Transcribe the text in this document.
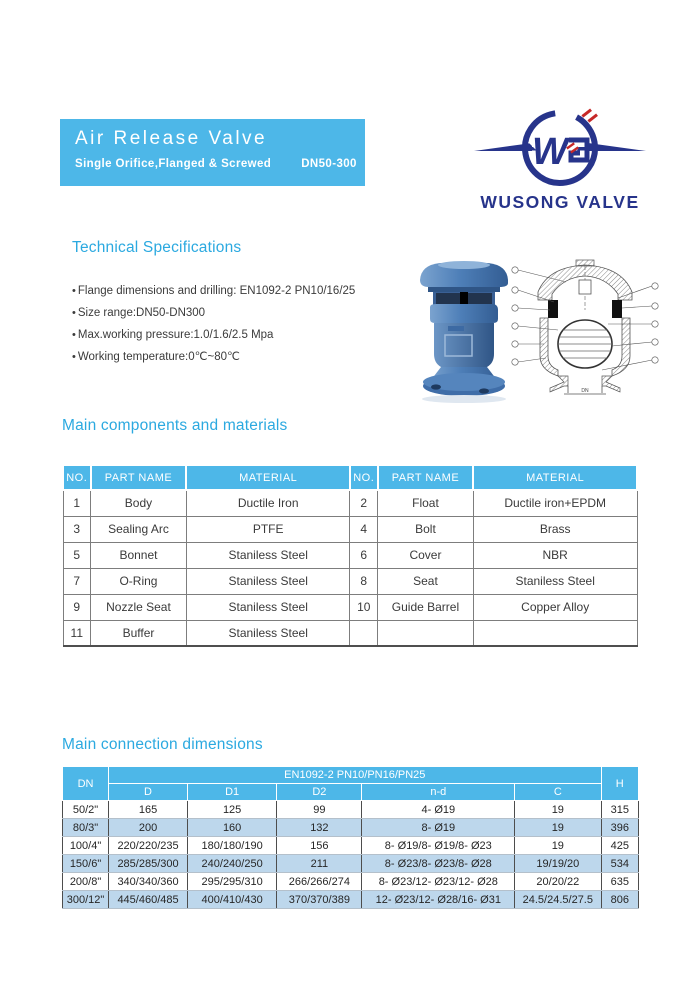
Air Release Valve
Single Orifice,Flanged & Screwed	DN50-300	W
WUSONG VALVE
Technical Specifications
• Flange dimensions and drilling: EN1092-2 PN10/16/25
• Size range:DN50-DN300
• Max.working pressure:1.0/1.6/2.5 Mpa
• Working temperature:0℃~80℃
DN
Main components and materials
NO.	PART NAME	MATERIAL	NO.	PART NAME	MATERIAL
1	Body	Ductile Iron	2	Float	Ductile iron+EPDM
3	Sealing Arc	PTFE	4	Bolt	Brass
5	Bonnet	Staniless Steel	6	Cover	NBR
7	O-Ring	Staniless Steel	8	Seat	Staniless Steel
9	Nozzle Seat	Staniless Steel	10	Guide Barrel	Copper Alloy
11	Buffer	Staniless Steel			
Main connection dimensions
DN	EN1092-2 PN10/PN16/PN25					H
	D	D1	D2	n-d	C	
50/2"	165	125	99	4- Ø19	19	315
80/3"	200	160	132	8- Ø19	19	396
100/4"	220/220/235	180/180/190	156	8- Ø19/8- Ø19/8- Ø23	19	425
150/6"	285/285/300	240/240/250	211	8- Ø23/8- Ø23/8- Ø28	19/19/20	534
200/8"	340/340/360	295/295/310	266/266/274	8- Ø23/12- Ø23/12- Ø28	20/20/22	635
300/12"	445/460/485	400/410/430	370/370/389	12- Ø23/12- Ø28/16- Ø31	24.5/24.5/27.5	806
